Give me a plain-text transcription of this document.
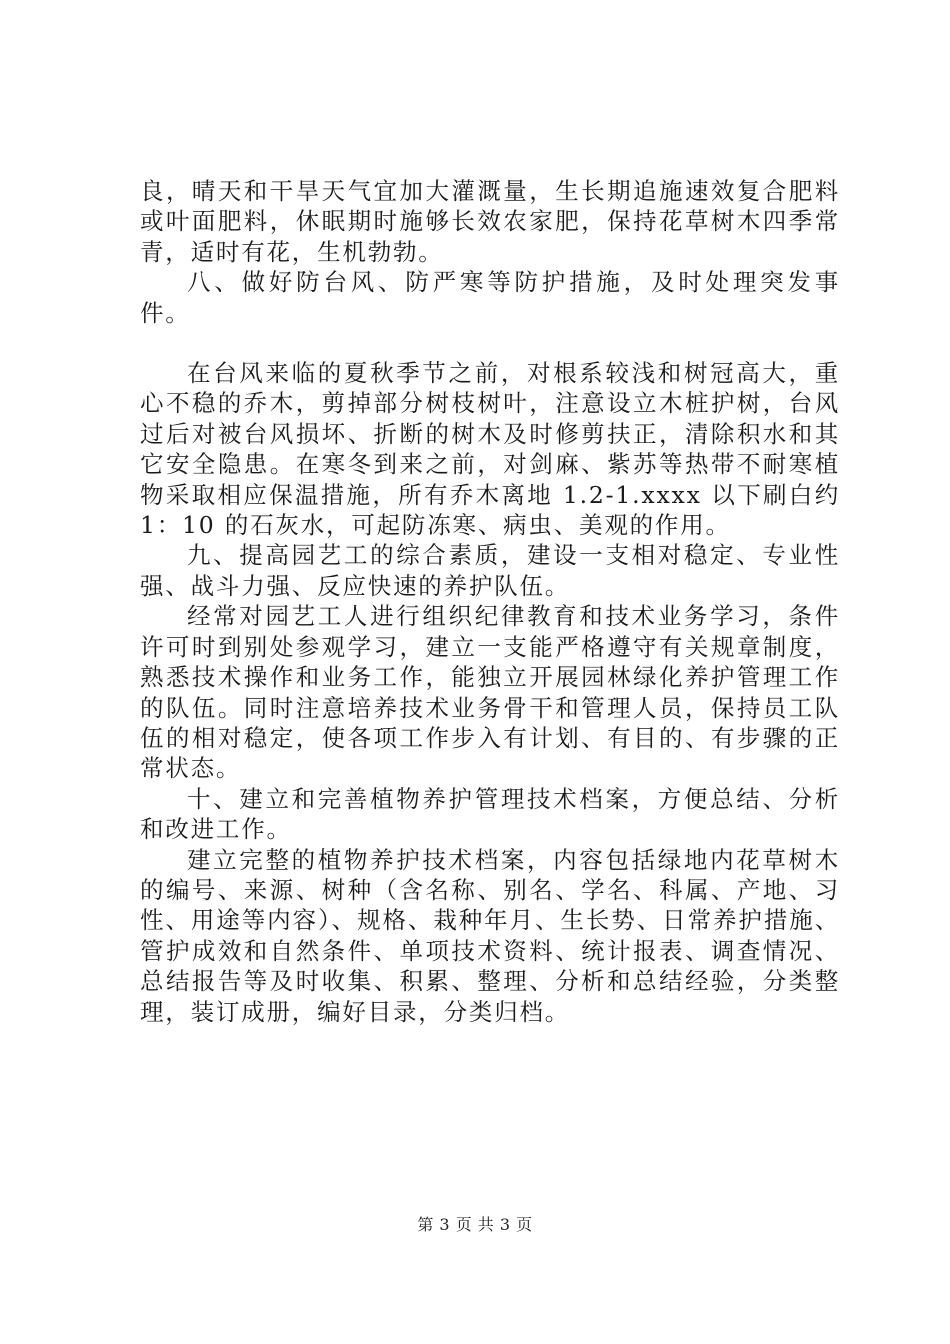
良，晴天和干旱天气宜加大灌溉量，生长期追施速效复合肥料或叶面肥料，休眠期时施够长效农家肥，保持花草树木四季常青，适时有花，生机勃勃。

八、做好防台风、防严寒等防护措施，及时处理突发事件。

在台风来临的夏秋季节之前，对根系较浅和树冠高大，重心不稳的乔木，剪掉部分树枝树叶，注意设立木桩护树，台风过后对被台风损坏、折断的树木及时修剪扶正，清除积水和其它安全隐患。在寒冬到来之前，对剑麻、紫苏等热带不耐寒植物采取相应保温措施，所有乔木离地 1.2-1.xxxx 以下刷白约1：10 的石灰水，可起防冻寒、病虫、美观的作用。

九、提高园艺工的综合素质，建设一支相对稳定、专业性强、战斗力强、反应快速的养护队伍。

经常对园艺工人进行组织纪律教育和技术业务学习，条件许可时到别处参观学习，建立一支能严格遵守有关规章制度，熟悉技术操作和业务工作，能独立开展园林绿化养护管理工作的队伍。同时注意培养技术业务骨干和管理人员，保持员工队伍的相对稳定，使各项工作步入有计划、有目的、有步骤的正常状态。

十、建立和完善植物养护管理技术档案，方便总结、分析和改进工作。

建立完整的植物养护技术档案，内容包括绿地内花草树木的编号、来源、树种（含名称、别名、学名、科属、产地、习性、用途等内容）、规格、栽种年月、生长势、日常养护措施、管护成效和自然条件、单项技术资料、统计报表、调查情况、总结报告等及时收集、积累、整理、分析和总结经验，分类整理，装订成册，编好目录，分类归档。

第 3 页 共 3 页
